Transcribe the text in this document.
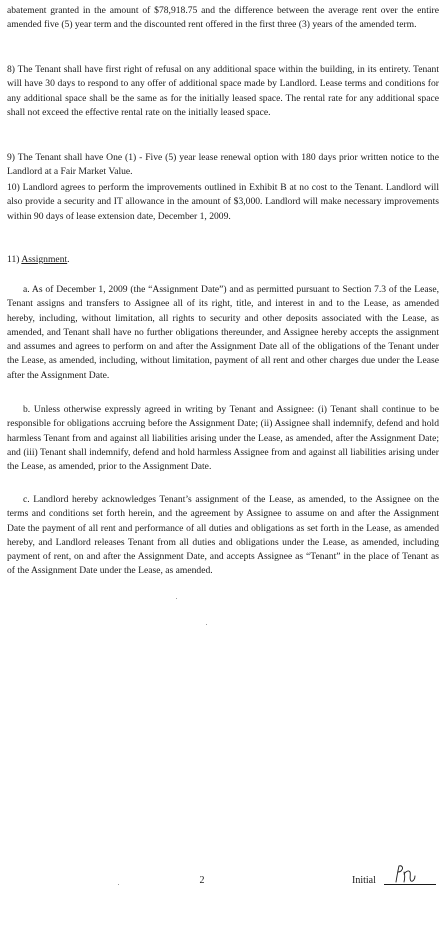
abatement granted in the amount of $78,918.75 and the difference between the average rent over the entire amended five (5) year term and the discounted rent offered in the first three (3) years of the amended term.

8) The Tenant shall have first right of refusal on any additional space within the building, in its entirety. Tenant will have 30 days to respond to any offer of additional space made by Landlord. Lease terms and conditions for any additional space shall be the same as for the initially leased space. The rental rate for any additional space shall not exceed the effective rental rate on the initially leased space.

9) The Tenant shall have One (1) - Five (5) year lease renewal option with 180 days prior written notice to the Landlord at a Fair Market Value.

10) Landlord agrees to perform the improvements outlined in Exhibit B at no cost to the Tenant. Landlord will also provide a security and IT allowance in the amount of $3,000. Landlord will make necessary improvements within 90 days of lease extension date, December 1, 2009.

11) Assignment.

a. As of December 1, 2009 (the “Assignment Date”) and as permitted pursuant to Section 7.3 of the Lease, Tenant assigns and transfers to Assignee all of its right, title, and interest in and to the Lease, as amended hereby, including, without limitation, all rights to security and other deposits associated with the Lease, as amended, and Tenant shall have no further obligations thereunder, and Assignee hereby accepts the assignment and assumes and agrees to perform on and after the Assignment Date all of the obligations of the Tenant under the Lease, as amended, including, without limitation, payment of all rent and other charges due under the Lease after the Assignment Date.

b. Unless otherwise expressly agreed in writing by Tenant and Assignee: (i) Tenant shall continue to be responsible for obligations accruing before the Assignment Date; (ii) Assignee shall indemnify, defend and hold harmless Tenant from and against all liabilities arising under the Lease, as amended, after the Assignment Date; and (iii) Tenant shall indemnify, defend and hold harmless Assignee from and against all liabilities arising under the Lease, as amended, prior to the Assignment Date.

c. Landlord hereby acknowledges Tenant’s assignment of the Lease, as amended, to the Assignee on the terms and conditions set forth herein, and the agreement by Assignee to assume on and after the Assignment Date the payment of all rent and performance of all duties and obligations as set forth in the Lease, as amended hereby, and Landlord releases Tenant from all duties and obligations under the Lease, as amended, including payment of rent, on and after the Assignment Date, and accepts Assignee as “Tenant” in the place of Tenant as of the Assignment Date under the Lease, as amended.

2	Initial
